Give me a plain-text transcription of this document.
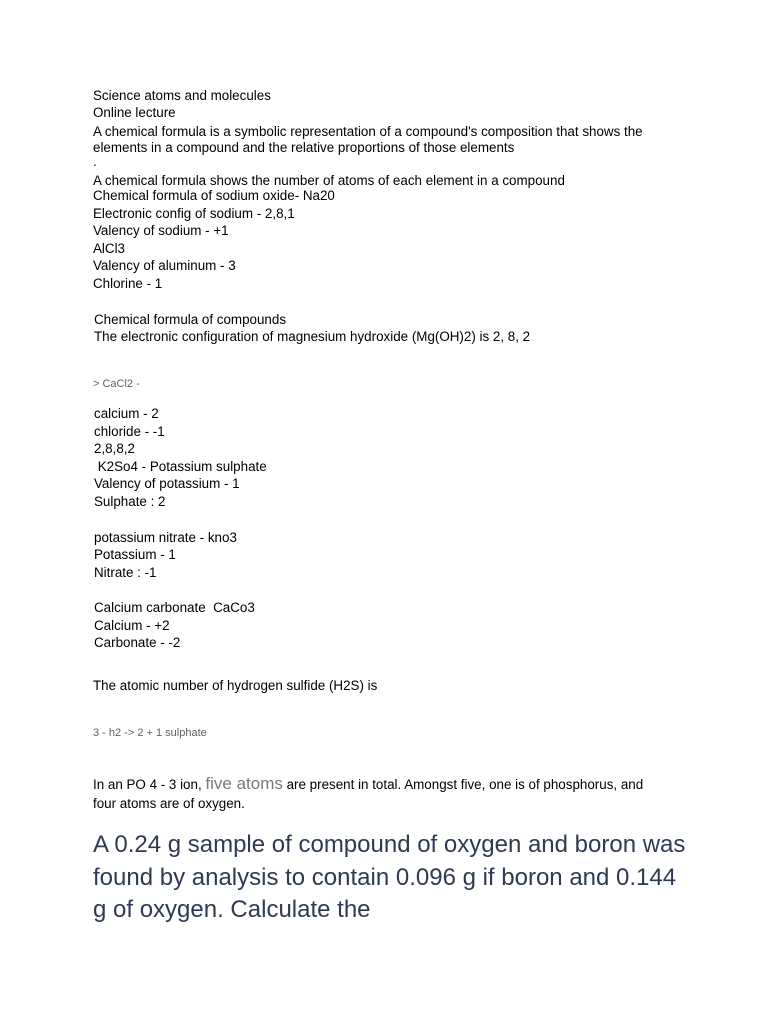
Science atoms and molecules
Online lecture
A chemical formula is a symbolic representation of a compound's composition that shows the elements in a compound and the relative proportions of those elements
.
A chemical formula shows the number of atoms of each element in a compound
Chemical formula of sodium oxide- Na20
Electronic config of sodium - 2,8,1
Valency of sodium - +1
AlCl3
Valency of aluminum - 3
Chlorine - 1
Chemical formula of compounds
The electronic configuration of magnesium hydroxide (Mg(OH)2) is 2, 8, 2
> CaCl2 -
calcium - 2
chloride - -1
2,8,8,2
K2So4 - Potassium sulphate
Valency of potassium - 1
Sulphate : 2
potassium nitrate - kno3
Potassium - 1
Nitrate : -1
Calcium carbonate  CaCo3
Calcium - +2
Carbonate - -2
The atomic number of hydrogen sulfide (H2S) is
3 - h2 -> 2 + 1 sulphate
In an PO 4 - 3 ion, five atoms are present in total. Amongst five, one is of phosphorus, and four atoms are of oxygen.
A 0.24 g sample of compound of oxygen and boron was found by analysis to contain 0.096 g if boron and 0.144 g of oxygen. Calculate the
